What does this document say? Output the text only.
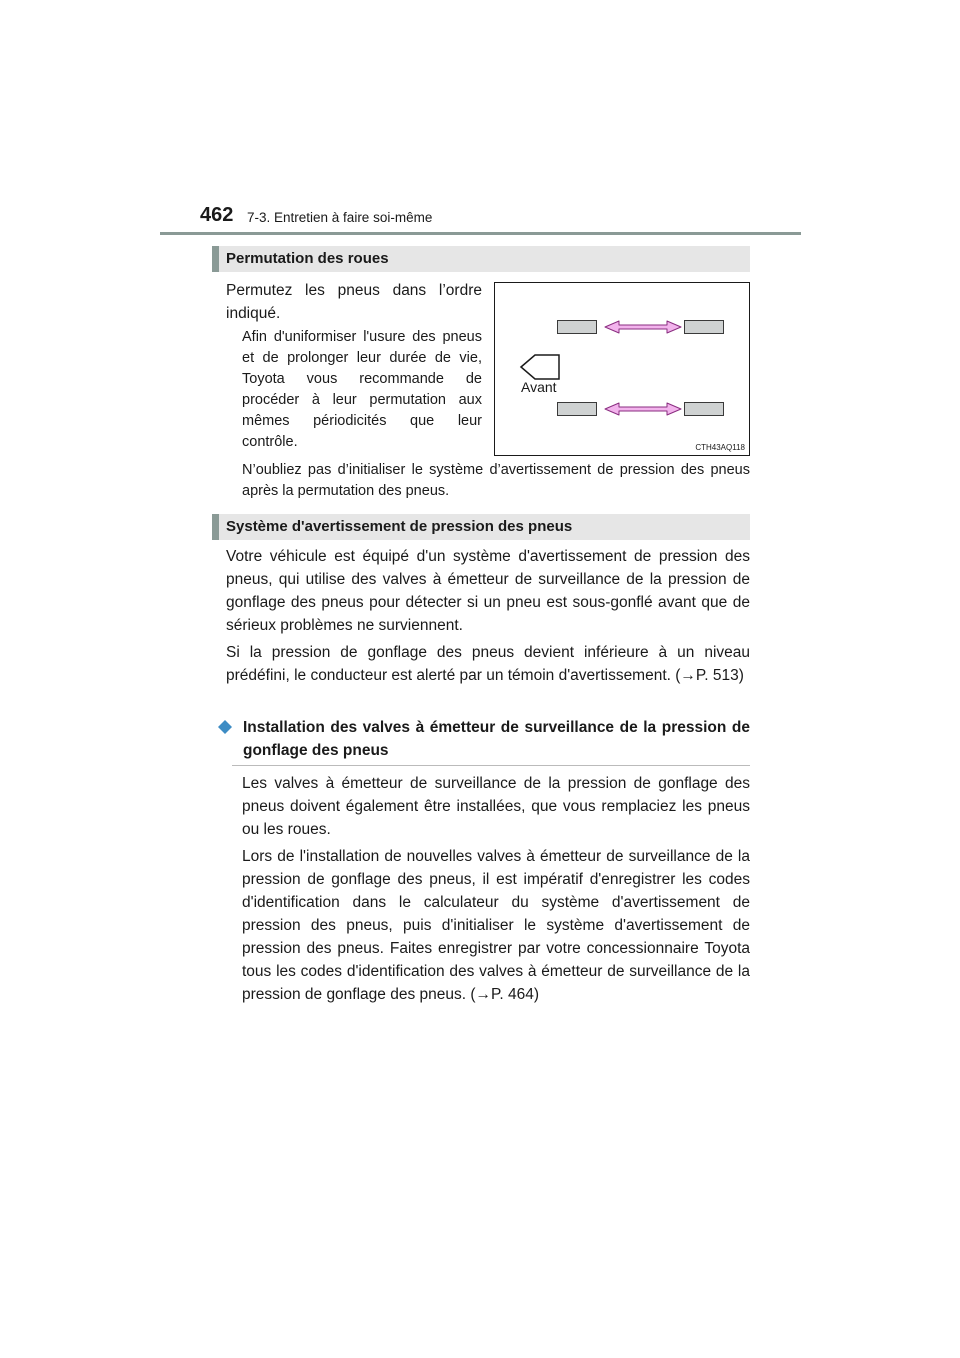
462 7-3. Entretien à faire soi-même
Permutation des roues
Permutez les pneus dans l’ordre indiqué.
Afin d'uniformiser l'usure des pneus et de prolonger leur durée de vie, Toyota vous recommande de procéder à leur permutation aux mêmes périodicités que leur contrôle.
Avant
CTH43AQ118
N’oubliez pas d’initialiser le système d’avertissement de pression des pneus après la permutation des pneus.
Système d'avertissement de pression des pneus
Votre véhicule est équipé d'un système d'avertissement de pression des pneus, qui utilise des valves à émetteur de surveillance de la pression de gonflage des pneus pour détecter si un pneu est sous-gonflé avant que de sérieux problèmes ne surviennent.
Si la pression de gonflage des pneus devient inférieure à un niveau prédéfini, le conducteur est alerté par un témoin d'avertissement. (→P. 513)
Installation des valves à émetteur de surveillance de la pression de gonflage des pneus
Les valves à émetteur de surveillance de la pression de gonflage des pneus doivent également être installées, que vous remplaciez les pneus ou les roues.
Lors de l'installation de nouvelles valves à émetteur de surveillance de la pression de gonflage des pneus, il est impératif d'enregistrer les codes d'identification dans le calculateur du système d'avertissement de pression des pneus, puis d'initialiser le système d'avertissement de pression des pneus. Faites enregistrer par votre concessionnaire Toyota tous les codes d'identification des valves à émetteur de surveillance de la pression de gonflage des pneus. (→P. 464)
